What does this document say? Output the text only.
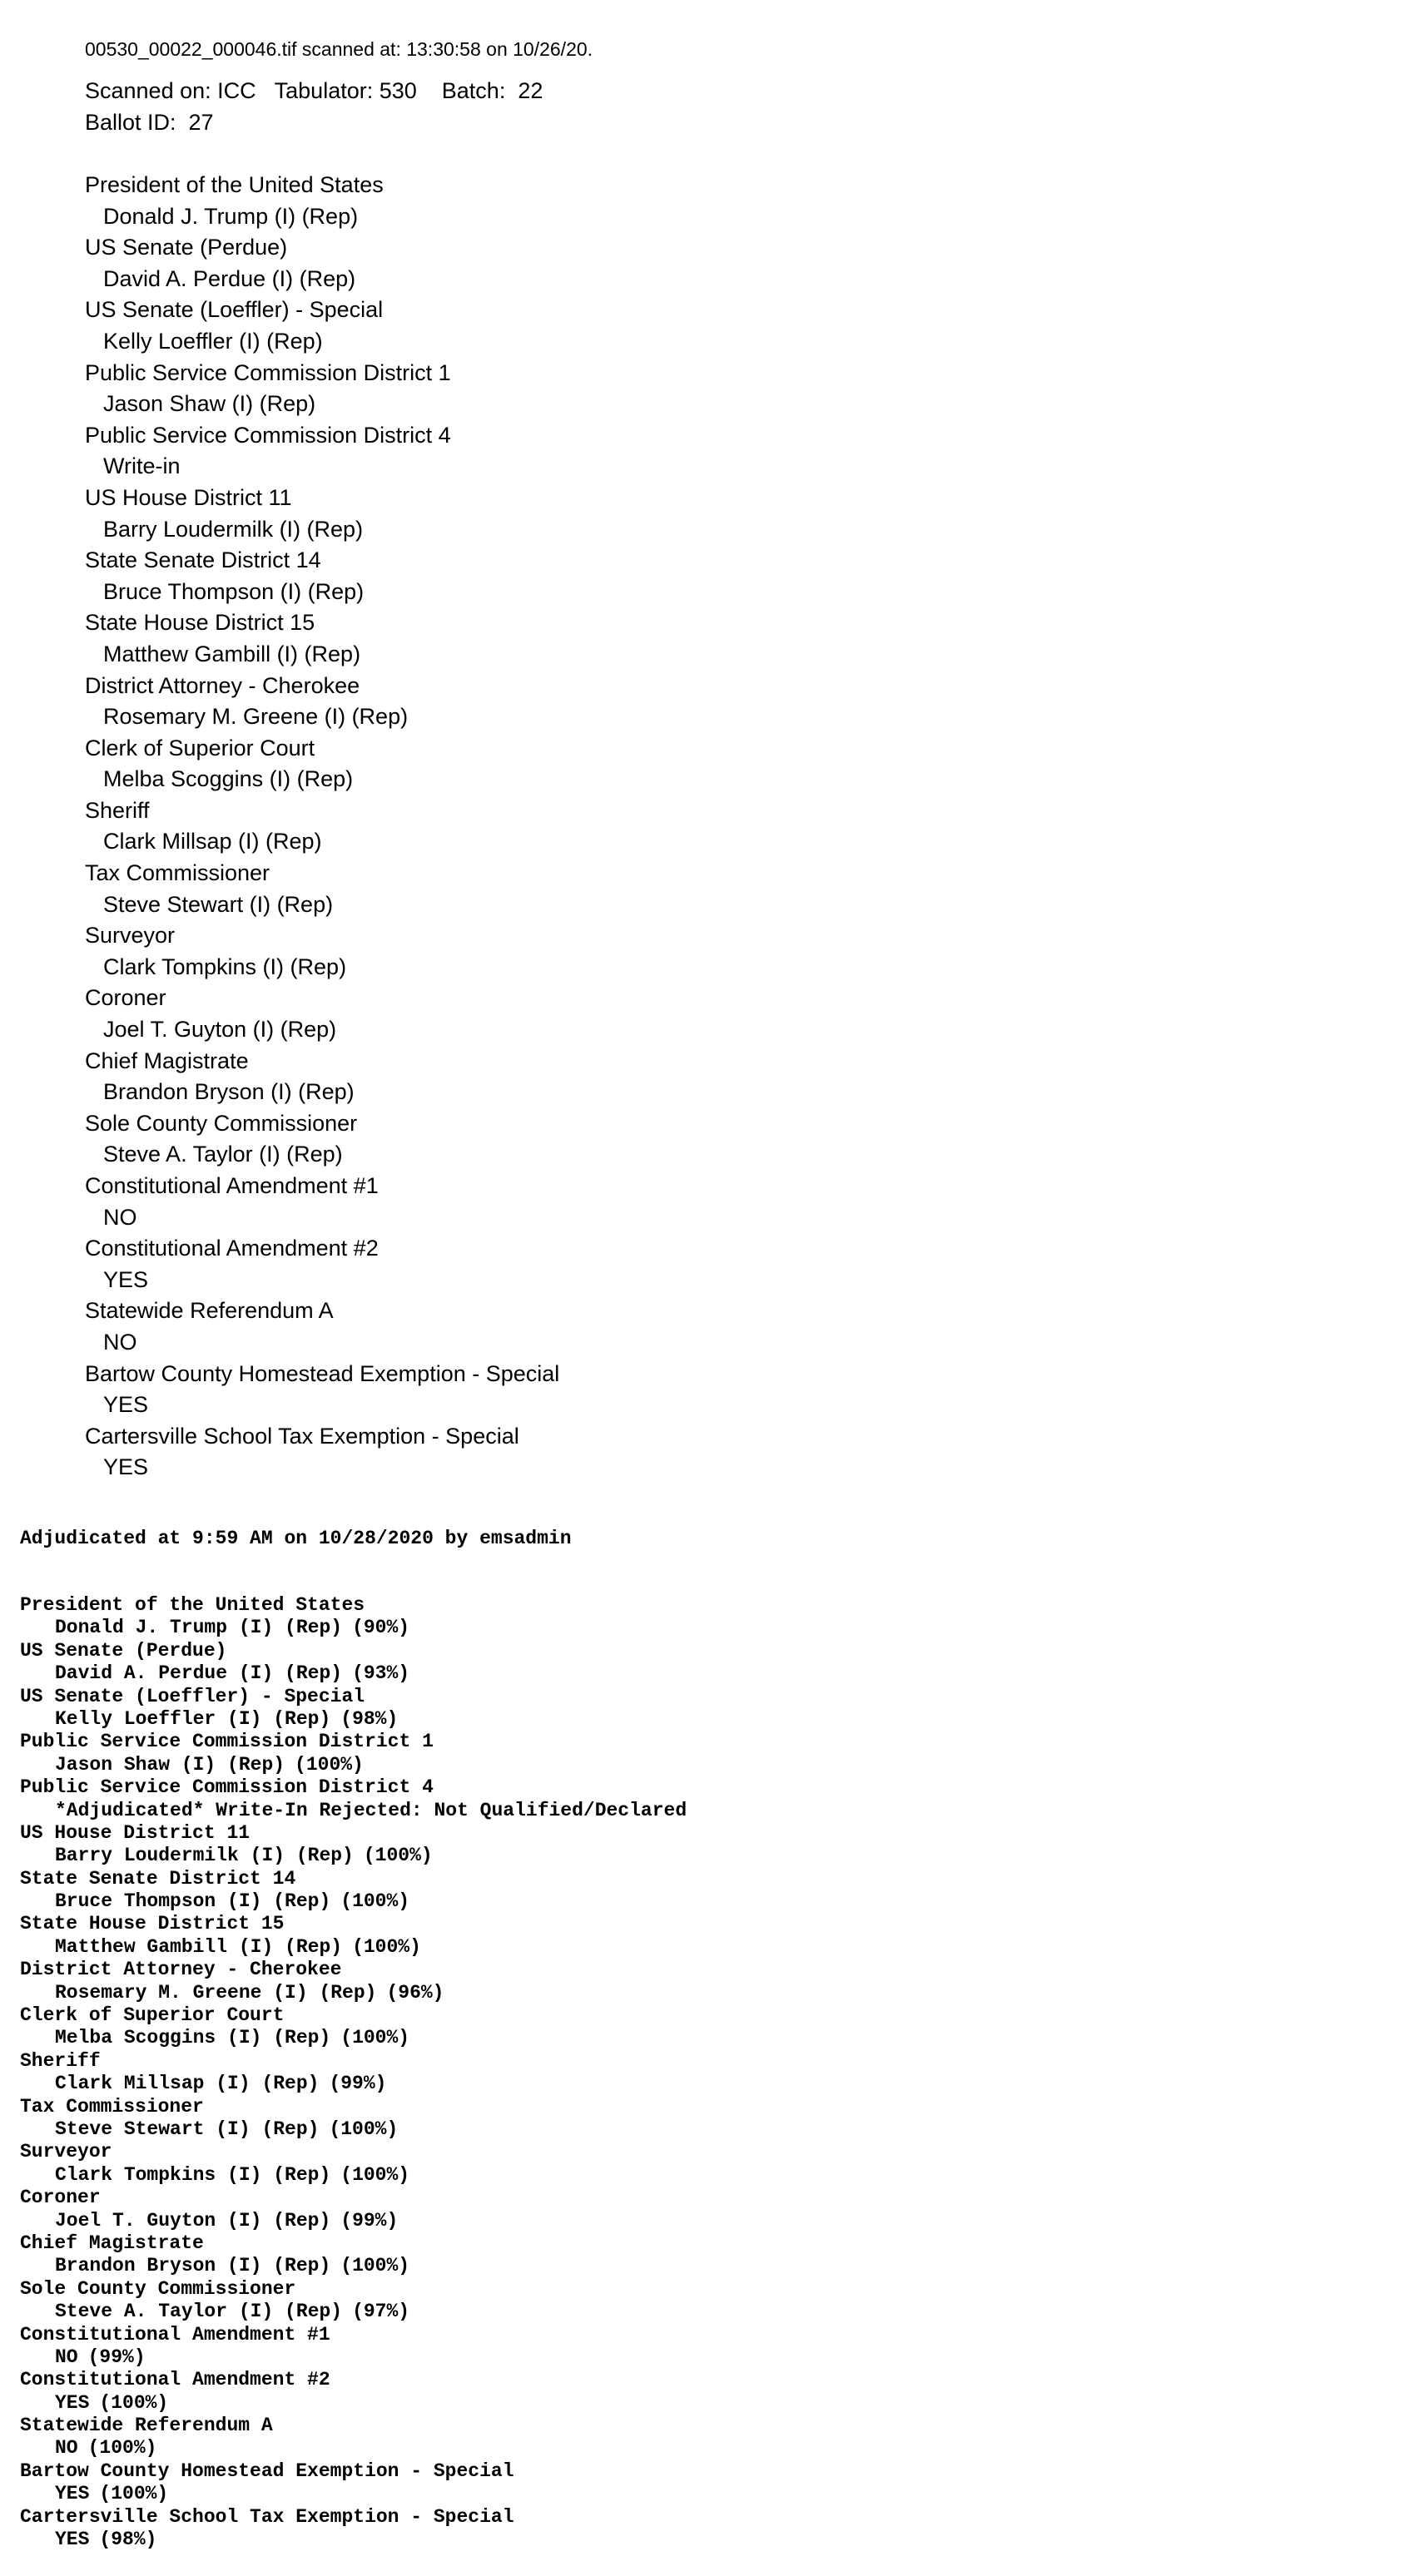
00530_00022_000046.tif scanned at: 13:30:58 on 10/26/20.
Scanned on: ICC   Tabulator: 530    Batch:  22
Ballot ID:  27
President of the United States
Donald J. Trump (I) (Rep)
US Senate (Perdue)
David A. Perdue (I) (Rep)
US Senate (Loeffler) - Special
Kelly Loeffler (I) (Rep)
Public Service Commission District 1
Jason Shaw (I) (Rep)
Public Service Commission District 4
Write-in
US House District 11
Barry Loudermilk (I) (Rep)
State Senate District 14
Bruce Thompson (I) (Rep)
State House District 15
Matthew Gambill (I) (Rep)
District Attorney - Cherokee
Rosemary M. Greene (I) (Rep)
Clerk of Superior Court
Melba Scoggins (I) (Rep)
Sheriff
Clark Millsap (I) (Rep)
Tax Commissioner
Steve Stewart (I) (Rep)
Surveyor
Clark Tompkins (I) (Rep)
Coroner
Joel T. Guyton (I) (Rep)
Chief Magistrate
Brandon Bryson (I) (Rep)
Sole County Commissioner
Steve A. Taylor (I) (Rep)
Constitutional Amendment #1
NO
Constitutional Amendment #2
YES
Statewide Referendum A
NO
Bartow County Homestead Exemption - Special
YES
Cartersville School Tax Exemption - Special
YES
Adjudicated at 9:59 AM on 10/28/2020 by emsadmin
President of the United States
Donald J. Trump (I) (Rep) (90%)
US Senate (Perdue)
David A. Perdue (I) (Rep) (93%)
US Senate (Loeffler) - Special
Kelly Loeffler (I) (Rep) (98%)
Public Service Commission District 1
Jason Shaw (I) (Rep) (100%)
Public Service Commission District 4
*Adjudicated* Write-In Rejected: Not Qualified/Declared
US House District 11
Barry Loudermilk (I) (Rep) (100%)
State Senate District 14
Bruce Thompson (I) (Rep) (100%)
State House District 15
Matthew Gambill (I) (Rep) (100%)
District Attorney - Cherokee
Rosemary M. Greene (I) (Rep) (96%)
Clerk of Superior Court
Melba Scoggins (I) (Rep) (100%)
Sheriff
Clark Millsap (I) (Rep) (99%)
Tax Commissioner
Steve Stewart (I) (Rep) (100%)
Surveyor
Clark Tompkins (I) (Rep) (100%)
Coroner
Joel T. Guyton (I) (Rep) (99%)
Chief Magistrate
Brandon Bryson (I) (Rep) (100%)
Sole County Commissioner
Steve A. Taylor (I) (Rep) (97%)
Constitutional Amendment #1
NO (99%)
Constitutional Amendment #2
YES (100%)
Statewide Referendum A
NO (100%)
Bartow County Homestead Exemption - Special
YES (100%)
Cartersville School Tax Exemption - Special
YES (98%)
